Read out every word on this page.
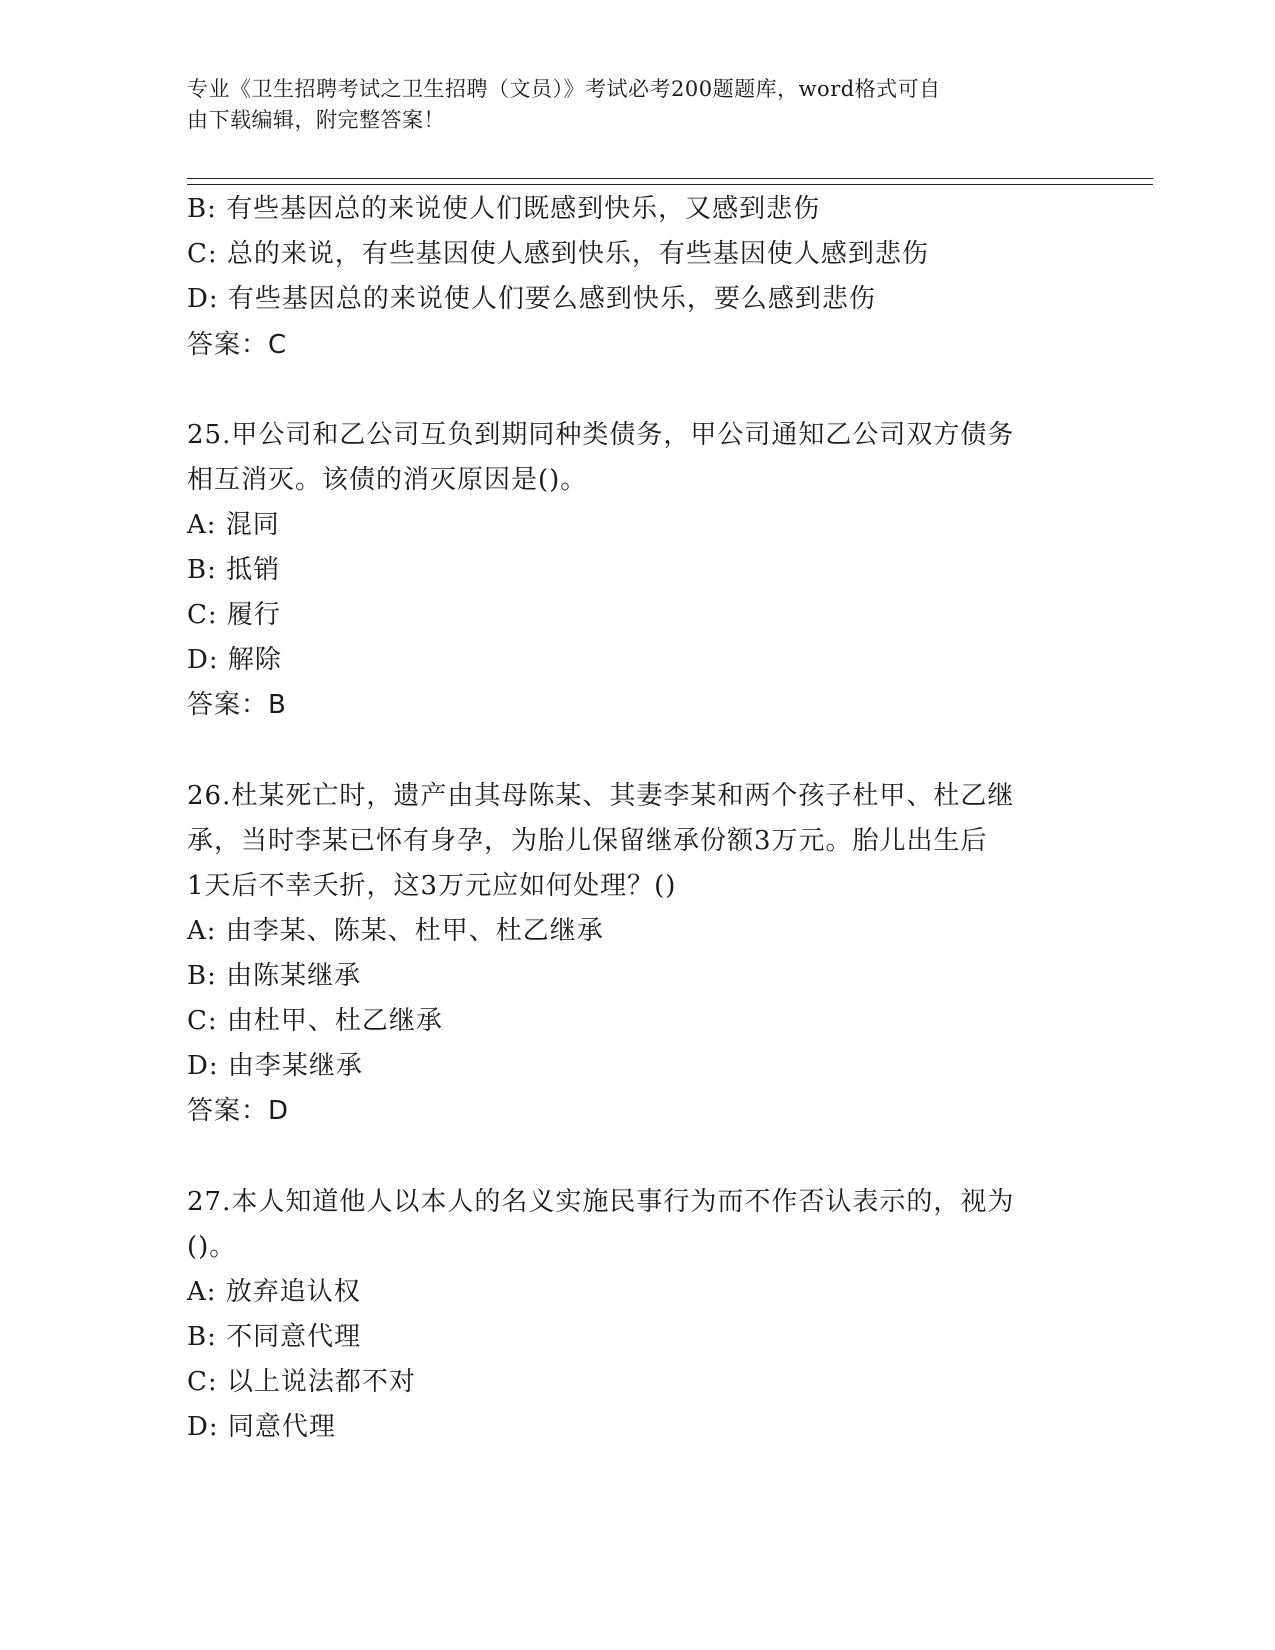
专业《卫生招聘考试之卫生招聘（文员）》考试必考200题题库，word格式可自
由下载编辑，附完整答案！
B: 有些基因总的来说使人们既感到快乐，又感到悲伤
C: 总的来说，有些基因使人感到快乐，有些基因使人感到悲伤
D: 有些基因总的来说使人们要么感到快乐，要么感到悲伤
答案：C
25.甲公司和乙公司互负到期同种类债务，甲公司通知乙公司双方债务
相互消灭。该债的消灭原因是()。
A: 混同
B: 抵销
C: 履行
D: 解除
答案：B
26.杜某死亡时，遗产由其母陈某、其妻李某和两个孩子杜甲、杜乙继
承，当时李某已怀有身孕，为胎儿保留继承份额3万元。胎儿出生后
1天后不幸夭折，这3万元应如何处理？()
A: 由李某、陈某、杜甲、杜乙继承
B: 由陈某继承
C: 由杜甲、杜乙继承
D: 由李某继承
答案：D
27.本人知道他人以本人的名义实施民事行为而不作否认表示的，视为
()。
A: 放弃追认权
B: 不同意代理
C: 以上说法都不对
D: 同意代理
